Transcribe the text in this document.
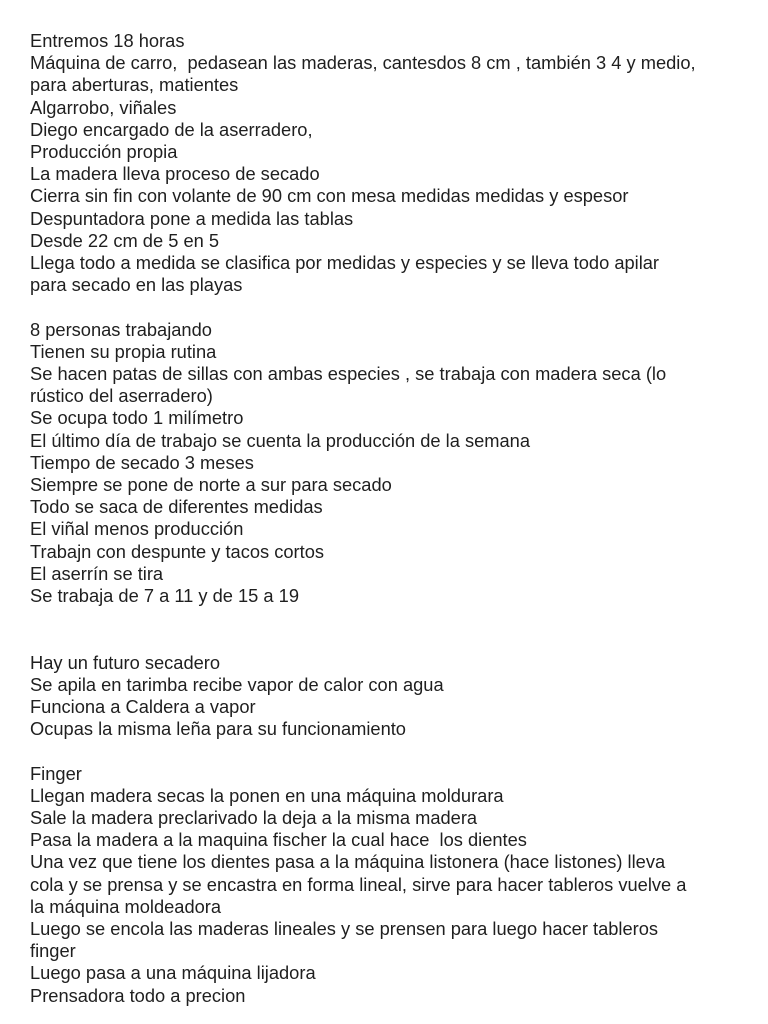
Entremos 18 horas
Máquina de carro,  pedasean las maderas, cantesdos 8 cm , también 3 4 y medio,
para aberturas, matientes
Algarrobo, viñales
Diego encargado de la aserradero,
Producción propia
La madera lleva proceso de secado
Cierra sin fin con volante de 90 cm con mesa medidas medidas y espesor
Despuntadora pone a medida las tablas
Desde 22 cm de 5 en 5
Llega todo a medida se clasifica por medidas y especies y se lleva todo apilar
para secado en las playas
8 personas trabajando
Tienen su propia rutina
Se hacen patas de sillas con ambas especies , se trabaja con madera seca (lo
rústico del aserradero)
Se ocupa todo 1 milímetro
El último día de trabajo se cuenta la producción de la semana
Tiempo de secado 3 meses
Siempre se pone de norte a sur para secado
Todo se saca de diferentes medidas
El viñal menos producción
Trabajn con despunte y tacos cortos
El aserrín se tira
Se trabaja de 7 a 11 y de 15 a 19
Hay un futuro secadero
Se apila en tarimba recibe vapor de calor con agua
Funciona a Caldera a vapor
Ocupas la misma leña para su funcionamiento
Finger
Llegan madera secas la ponen en una máquina moldurara
Sale la madera preclarivado la deja a la misma madera
Pasa la madera a la maquina fischer la cual hace  los dientes
Una vez que tiene los dientes pasa a la máquina listonera (hace listones) lleva
cola y se prensa y se encastra en forma lineal, sirve para hacer tableros vuelve a
la máquina moldeadora
Luego se encola las maderas lineales y se prensen para luego hacer tableros
finger
Luego pasa a una máquina lijadora
Prensadora todo a precion
